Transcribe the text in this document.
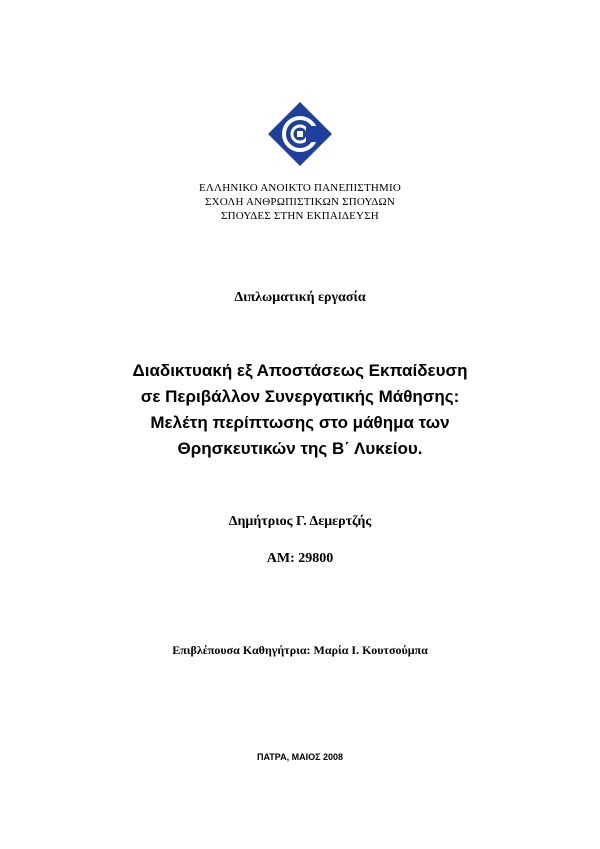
ΕΛΛΗΝΙΚΟ ΑΝΟΙΚΤΟ ΠΑΝΕΠΙΣΤΗΜΙΟ
ΣΧΟΛΗ ΑΝΘΡΩΠΙΣΤΙΚΩΝ ΣΠΟΥΔΩΝ
ΣΠΟΥΔΕΣ ΣΤΗΝ ΕΚΠΑΙΔΕΥΣΗ
Διπλωματική εργασία
Διαδικτυακή εξ Αποστάσεως Εκπαίδευση
σε Περιβάλλον Συνεργατικής Μάθησης:
Μελέτη περίπτωσης στο μάθημα των
Θρησκευτικών της Β΄ Λυκείου.
Δημήτριος Γ. Δεμερτζής
ΑΜ: 29800
Επιβλέπουσα Καθηγήτρια: Μαρία Ι. Κουτσούμπα
ΠΑΤΡΑ, ΜΑΙΟΣ 2008
